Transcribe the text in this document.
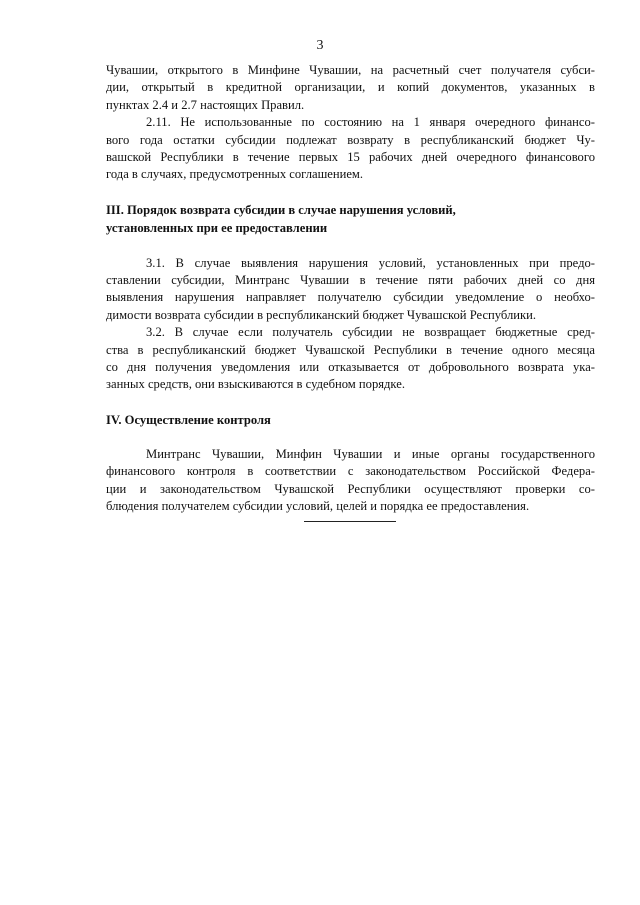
3
Чувашии, открытого в Минфине Чувашии, на расчетный счет получателя субси-
дии, открытый в кредитной организации, и копий документов, указанных в
пунктах 2.4 и 2.7 настоящих Правил.
2.11. Не использованные по состоянию на 1 января очередного финансо-
вого года остатки субсидии подлежат возврату в республиканский бюджет Чу-
вашской Республики в течение первых 15 рабочих дней очередного финансового
года в случаях, предусмотренных соглашением.
III. Порядок возврата субсидии в случае нарушения условий, установленных при ее предоставлении
3.1. В случае выявления нарушения условий, установленных при предо-
ставлении субсидии, Минтранс Чувашии в течение пяти рабочих дней со дня
выявления нарушения направляет получателю субсидии уведомление о необхо-
димости возврата субсидии в республиканский бюджет Чувашской Республики.
3.2. В случае если получатель субсидии не возвращает бюджетные сред-
ства в республиканский бюджет Чувашской Республики в течение одного месяца
со дня получения уведомления или отказывается от добровольного возврата ука-
занных средств, они взыскиваются в судебном порядке.
IV. Осуществление контроля
Минтранс Чувашии, Минфин Чувашии и иные органы государственного
финансового контроля в соответствии с законодательством Российской Федера-
ции и законодательством Чувашской Республики осуществляют проверки со-
блюдения получателем субсидии условий, целей и порядка ее предоставления.
